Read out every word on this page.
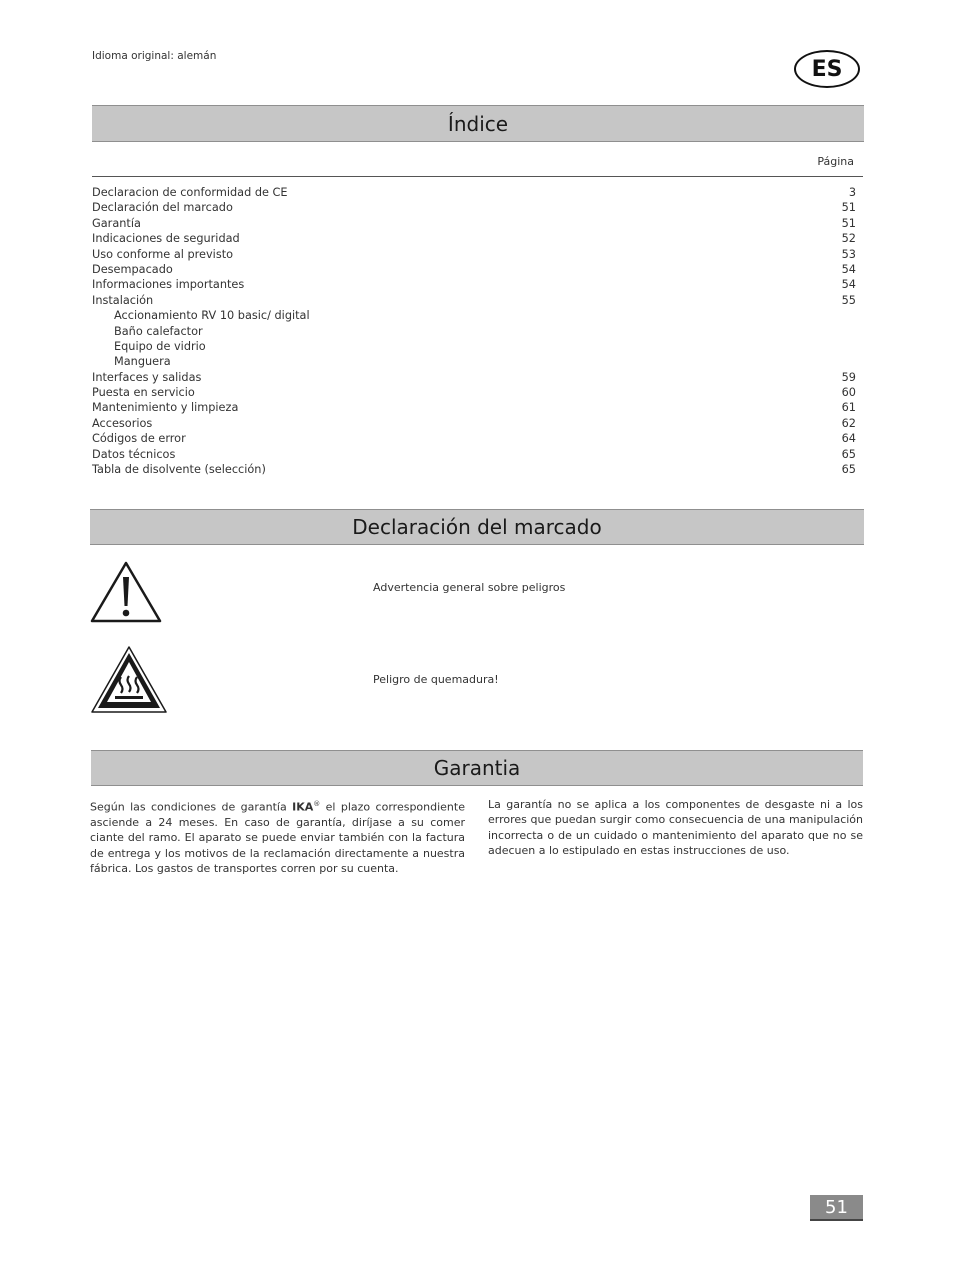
Idioma original: alemán
ES
Índice
Página
Declaracion de conformidad de CE	3
Declaración del marcado	51
Garantía	51
Indicaciones de seguridad	52
Uso conforme al previsto	53
Desempacado	54
Informaciones importantes	54
Instalación	55
Accionamiento RV 10 basic/ digital
Baño calefactor
Equipo de vidrio
Manguera
Interfaces y salidas	59
Puesta en servicio	60
Mantenimiento y limpieza	61
Accesorios	62
Códigos de error	64
Datos técnicos	65
Tabla de disolvente (selección)	65
Declaración del marcado
Advertencia general sobre peligros
Peligro de quemadura!
Garantia
Según las condiciones de garantía IKA® el plazo correspondiente asciende a 24 meses. En caso de garantía, diríjase a su comer ciante del ramo. El aparato se puede enviar también con la factura de entrega y los motivos de la reclamación directamente a nuestra fábrica. Los gastos de transportes corren por su cuenta.
La garantía no se aplica a los componentes de desgaste ni a los errores que puedan surgir como consecuencia de una manipulación incorrecta o de un cuidado o mantenimiento del aparato que no se adecuen a lo estipulado en estas instrucciones de uso.
51
